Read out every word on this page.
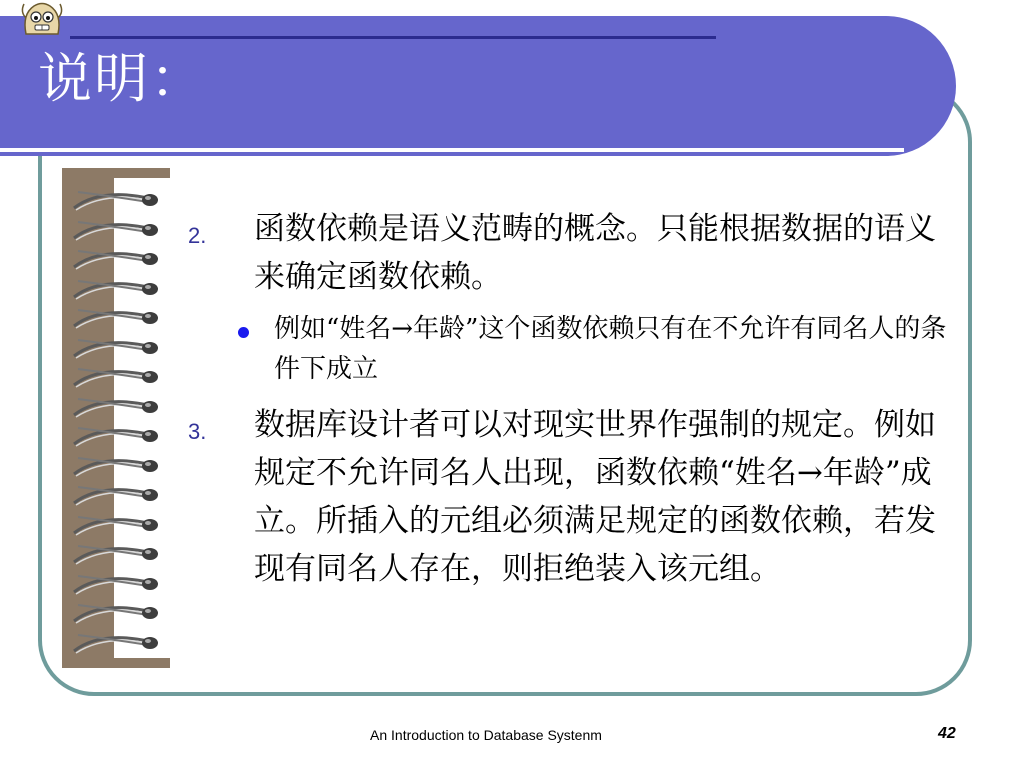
说明：
2. 函数依赖是语义范畴的概念。只能根据数据的语义来确定函数依赖。

例如“姓名→年龄”这个函数依赖只有在不允许有同名人的条件下成立

3. 数据库设计者可以对现实世界作强制的规定。例如规定不允许同名人出现，函数依赖“姓名→年龄”成立。所插入的元组必须满足规定的函数依赖，若发现有同名人存在，则拒绝装入该元组。

An Introduction to Database Systenm	42
